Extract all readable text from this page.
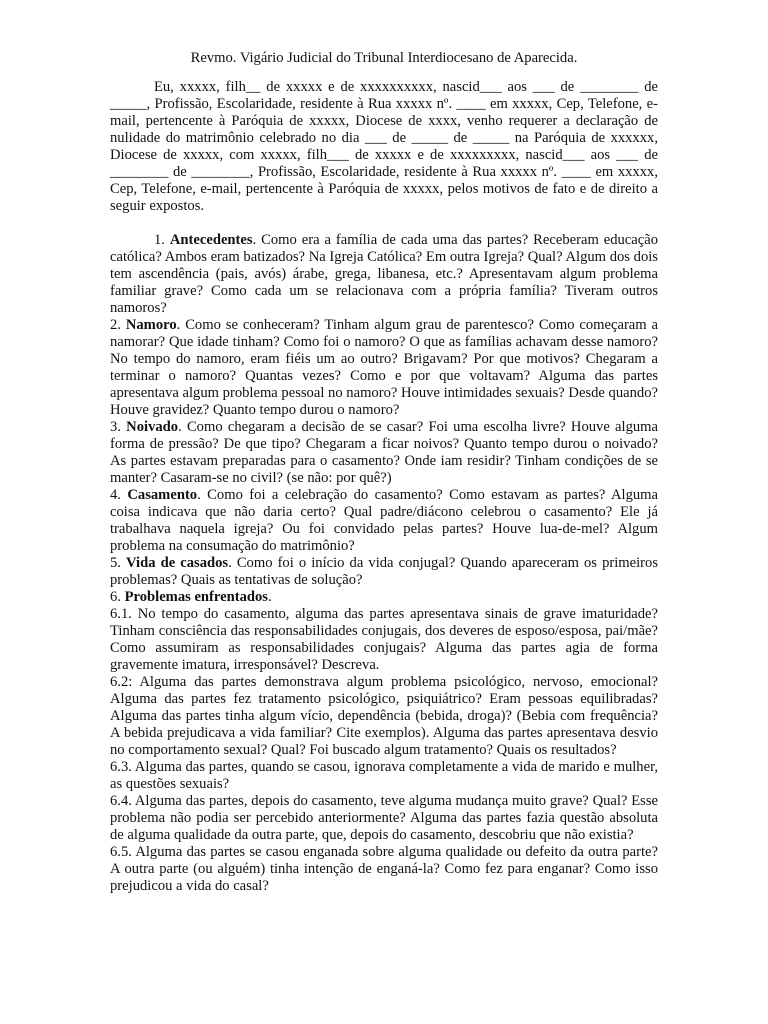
Revmo. Vigário Judicial do Tribunal Interdiocesano de Aparecida.

Eu, xxxxx, filh__ de xxxxx e de xxxxxxxxxx, nascid___ aos ___ de ________ de _____, Profissão, Escolaridade, residente à Rua xxxxx nº. ____ em xxxxx, Cep, Telefone, e-mail, pertencente à Paróquia de xxxxx, Diocese de xxxx, venho requerer a declaração de nulidade do matrimônio celebrado no dia ___ de _____ de _____ na Paróquia de xxxxxx, Diocese de xxxxx, com xxxxx, filh___ de xxxxx e de xxxxxxxxx, nascid___ aos ___ de ________ de ________, Profissão, Escolaridade, residente à Rua xxxxx nº. ____ em xxxxx, Cep, Telefone, e-mail, pertencente à Paróquia de xxxxx, pelos motivos de fato e de direito a seguir expostos.

1. Antecedentes. Como era a família de cada uma das partes? Receberam educação católica? Ambos eram batizados? Na Igreja Católica? Em outra Igreja? Qual? Algum dos dois tem ascendência (pais, avós) árabe, grega, libanesa, etc.? Apresentavam algum problema familiar grave? Como cada um se relacionava com a própria família? Tiveram outros namoros?

2. Namoro. Como se conheceram? Tinham algum grau de parentesco? Como começaram a namorar? Que idade tinham? Como foi o namoro? O que as famílias achavam desse namoro? No tempo do namoro, eram fiéis um ao outro? Brigavam? Por que motivos? Chegaram a terminar o namoro? Quantas vezes? Como e por que voltavam? Alguma das partes apresentava algum problema pessoal no namoro? Houve intimidades sexuais? Desde quando? Houve gravidez? Quanto tempo durou o namoro?

3. Noivado. Como chegaram a decisão de se casar? Foi uma escolha livre? Houve alguma forma de pressão? De que tipo? Chegaram a ficar noivos? Quanto tempo durou o noivado? As partes estavam preparadas para o casamento? Onde iam residir? Tinham condições de se manter? Casaram-se no civil? (se não: por quê?)

4. Casamento. Como foi a celebração do casamento? Como estavam as partes? Alguma coisa indicava que não daria certo? Qual padre/diácono celebrou o casamento? Ele já trabalhava naquela igreja? Ou foi convidado pelas partes? Houve lua-de-mel? Algum problema na consumação do matrimônio?

5. Vida de casados. Como foi o início da vida conjugal? Quando apareceram os primeiros problemas? Quais as tentativas de solução?

6. Problemas enfrentados.

6.1. No tempo do casamento, alguma das partes apresentava sinais de grave imaturidade? Tinham consciência das responsabilidades conjugais, dos deveres de esposo/esposa, pai/mãe? Como assumiram as responsabilidades conjugais? Alguma das partes agia de forma gravemente imatura, irresponsável? Descreva.

6.2: Alguma das partes demonstrava algum problema psicológico, nervoso, emocional? Alguma das partes fez tratamento psicológico, psiquiátrico? Eram pessoas equilibradas? Alguma das partes tinha algum vício, dependência (bebida, droga)? (Bebia com frequência? A bebida prejudicava a vida familiar? Cite exemplos). Alguma das partes apresentava desvio no comportamento sexual? Qual? Foi buscado algum tratamento? Quais os resultados?

6.3. Alguma das partes, quando se casou, ignorava completamente a vida de marido e mulher, as questões sexuais?

6.4. Alguma das partes, depois do casamento, teve alguma mudança muito grave? Qual? Esse problema não podia ser percebido anteriormente? Alguma das partes fazia questão absoluta de alguma qualidade da outra parte, que, depois do casamento, descobriu que não existia?

6.5. Alguma das partes se casou enganada sobre alguma qualidade ou defeito da outra parte? A outra parte (ou alguém) tinha intenção de enganá-la? Como fez para enganar? Como isso prejudicou a vida do casal?
